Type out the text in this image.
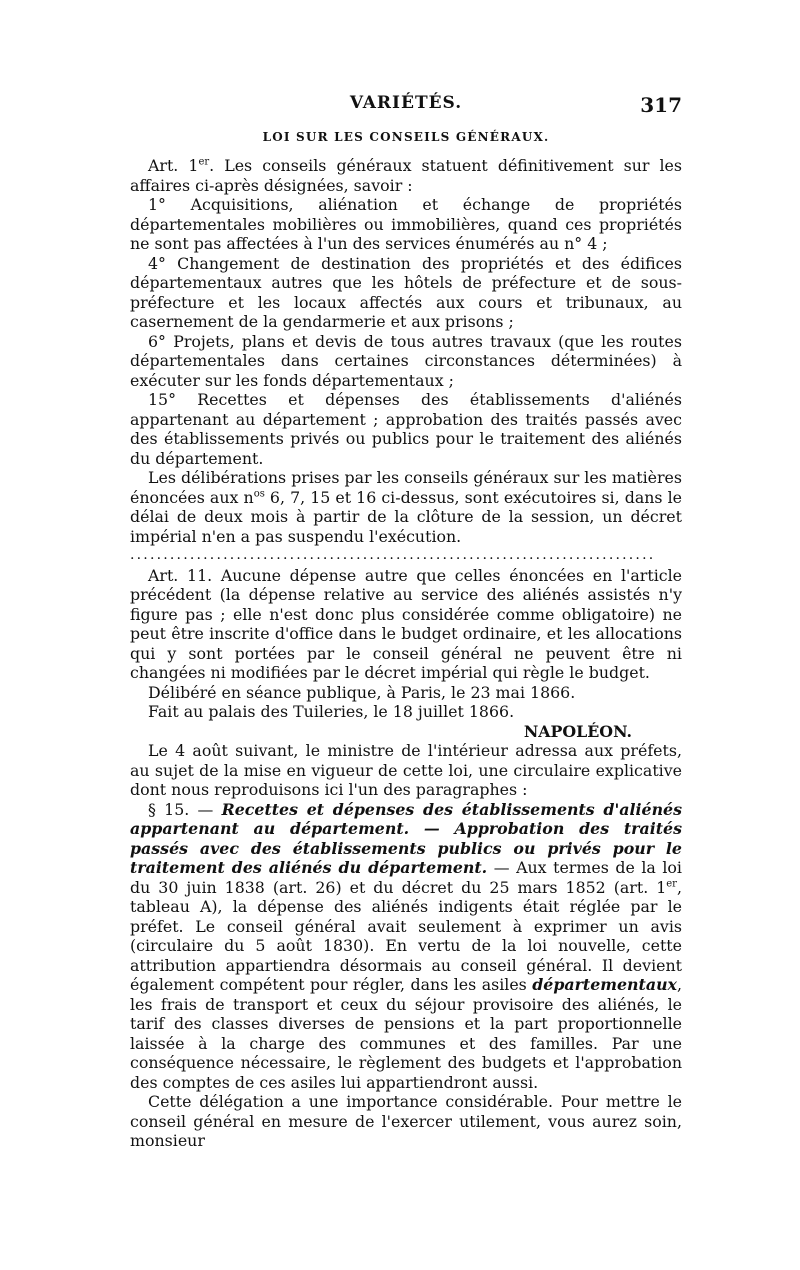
VARIÉTÉS.	317
LOI SUR LES CONSEILS GÉNÉRAUX.

Art. 1er. Les conseils généraux statuent définitivement sur les affaires ci-après désignées, savoir :

1° Acquisitions, aliénation et échange de propriétés départementales mobilières ou immobilières, quand ces propriétés ne sont pas affectées à l'un des services énumérés au n° 4 ;

4° Changement de destination des propriétés et des édifices départementaux autres que les hôtels de préfecture et de sous-préfecture et les locaux affectés aux cours et tribunaux, au casernement de la gendarmerie et aux prisons ;

6° Projets, plans et devis de tous autres travaux (que les routes départementales dans certaines circonstances déterminées) à exécuter sur les fonds départementaux ;

15° Recettes et dépenses des établissements d'aliénés appartenant au département ; approbation des traités passés avec des établissements privés ou publics pour le traitement des aliénés du département.

Les délibérations prises par les conseils généraux sur les matières énoncées aux $n^{os}$ 6, 7, 15 et 16 ci-dessus, sont exécutoires si, dans le délai de deux mois à partir de la clôture de la session, un décret impérial n'en a pas suspendu l'exécution.

...............................................................................

Art. 11. Aucune dépense autre que celles énoncées en l'article précédent (la dépense relative au service des aliénés assistés n'y figure pas ; elle n'est donc plus considérée comme obligatoire) ne peut être inscrite d'office dans le budget ordinaire, et les allocations qui y sont portées par le conseil général ne peuvent être ni changées ni modifiées par le décret impérial qui règle le budget.

Délibéré en séance publique, à Paris, le 23 mai 1866.

Fait au palais des Tuileries, le 18 juillet 1866.

NAPOLÉON.

Le 4 août suivant, le ministre de l'intérieur adressa aux préfets, au sujet de la mise en vigueur de cette loi, une circulaire explicative dont nous reproduisons ici l'un des paragraphes :

§ 15. — Recettes et dépenses des établissements d'aliénés appartenant au département. — Approbation des traités passés avec des établissements publics ou privés pour le traitement des aliénés du département. — Aux termes de la loi du 30 juin 1838 (art. 26) et du décret du 25 mars 1852 (art. 1er, tableau A), la dépense des aliénés indigents était réglée par le préfet. Le conseil général avait seulement à exprimer un avis (circulaire du 5 août 1830). En vertu de la loi nouvelle, cette attribution appartiendra désormais au conseil général. Il devient également compétent pour régler, dans les asiles départementaux, les frais de transport et ceux du séjour provisoire des aliénés, le tarif des classes diverses de pensions et la part proportionnelle laissée à la charge des communes et des familles. Par une conséquence nécessaire, le règlement des budgets et l'approbation des comptes de ces asiles lui appartiendront aussi.

Cette délégation a une importance considérable. Pour mettre le conseil général en mesure de l'exercer utilement, vous aurez soin, monsieur
